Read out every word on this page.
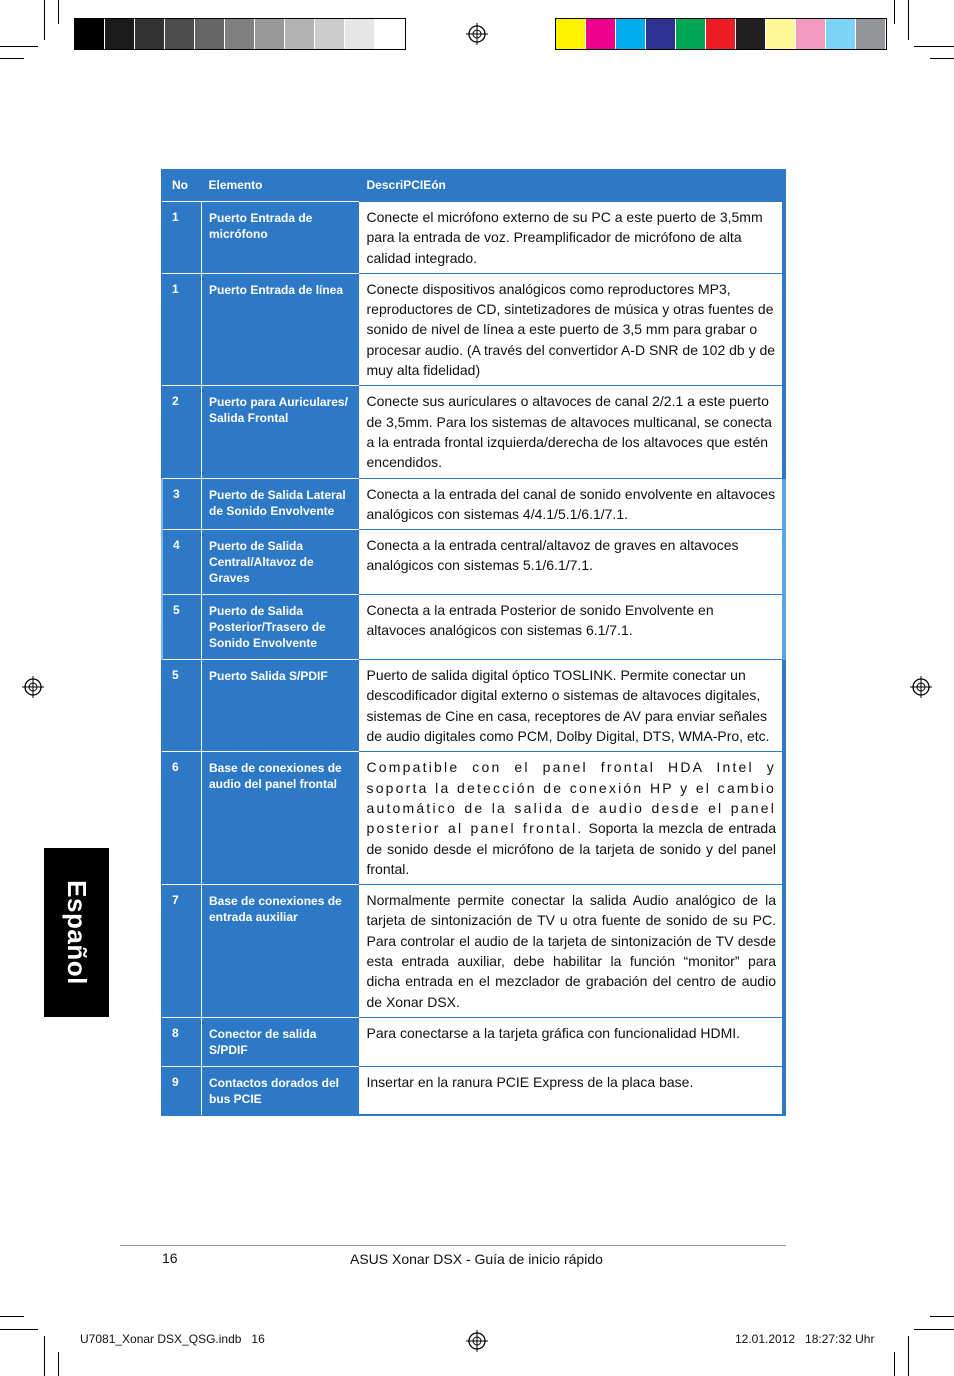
Español
No	Elemento	DescriPCIEón
1	Puerto Entrada de micrófono	Conecte el micrófono externo de su PC a este puerto de 3,5mm para la entrada de voz. Preamplificador de micrófono de alta calidad integrado.
1	Puerto Entrada de línea	Conecte dispositivos analógicos como reproductores MP3, reproductores de CD, sintetizadores de música y otras fuentes de sonido de nivel de línea a este puerto de 3,5 mm para grabar o procesar audio. (A través del convertidor A-D SNR de 102 db y de muy alta fidelidad)
2	Puerto para Auriculares/ Salida Frontal	Conecte sus auriculares o altavoces de canal 2/2.1 a este puerto de 3,5mm. Para los sistemas de altavoces multicanal, se conecta a la entrada frontal izquierda/derecha de los altavoces que estén encendidos.
3	Puerto de Salida Lateral de Sonido Envolvente	Conecta a la entrada del canal de sonido envolvente en altavoces analógicos con sistemas 4/4.1/5.1/6.1/7.1.
4	Puerto de Salida Central/Altavoz de Graves	Conecta a la entrada central/altavoz de graves en altavoces analógicos con sistemas 5.1/6.1/7.1.
5	Puerto de Salida Posterior/Trasero de Sonido Envolvente	Conecta a la entrada Posterior de sonido Envolvente en altavoces analógicos con sistemas 6.1/7.1.
5	Puerto Salida S/PDIF	Puerto de salida digital óptico TOSLINK. Permite conectar un descodificador digital externo o sistemas de altavoces digitales, sistemas de Cine en casa, receptores de AV para enviar señales de audio digitales como PCM, Dolby Digital, DTS, WMA-Pro, etc.
6	Base de conexiones de audio del panel frontal	Compatible con el panel frontal HDA Intel y soporta la detección de conexión HP y el cambio automático de la salida de audio desde el panel posterior al panel frontal. Soporta la mezcla de entrada de sonido desde el micrófono de la tarjeta de sonido y del panel frontal.
7	Base de conexiones de entrada auxiliar	Normalmente permite conectar la salida Audio analógico de la tarjeta de sintonización de TV u otra fuente de sonido de su PC. Para controlar el audio de la tarjeta de sintonización de TV desde esta entrada auxiliar, debe habilitar la función “monitor” para dicha entrada en el mezclador de grabación del centro de audio de Xonar DSX.
8	Conector de salida S/PDIF	Para conectarse a la tarjeta gráfica con funcionalidad HDMI.
9	Contactos dorados del bus PCIE	Insertar en la ranura PCIE Express de la placa base.
16	ASUS Xonar DSX - Guía de inicio rápido
U7081_Xonar DSX_QSG.indb   16	12.01.2012   18:27:32 Uhr
